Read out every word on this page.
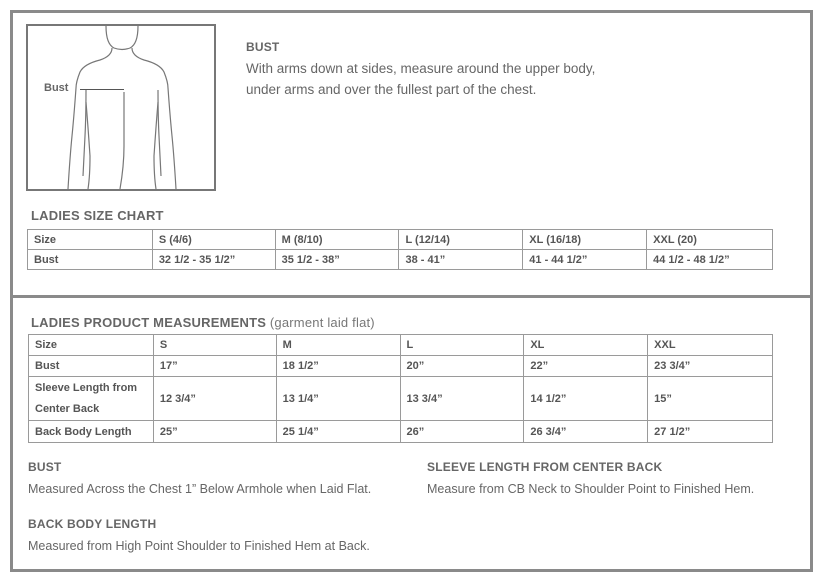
Bust
BUST
With arms down at sides, measure around the upper body,
under arms and over the fullest part of the chest.
LADIES SIZE CHART
Size	S (4/6)	M (8/10)	L (12/14)	XL (16/18)	XXL (20)
Bust	32 1/2 - 35 1/2”	35 1/2 - 38”	38 - 41”	41 - 44 1/2”	44 1/2 - 48 1/2”
LADIES PRODUCT MEASUREMENTS (garment laid flat)
Size	S	M	L	XL	XXL
Bust	17”	18 1/2”	20”	22”	23 3/4”
Sleeve Length from Center Back	12 3/4”	13 1/4”	13 3/4”	14 1/2”	15”
Back Body Length	25”	25 1/4”	26”	26 3/4”	27 1/2”
BUST
Measured Across the Chest 1” Below Armhole when Laid Flat.
SLEEVE LENGTH FROM CENTER BACK
Measure from CB Neck to Shoulder Point to Finished Hem.
BACK BODY LENGTH
Measured from High Point Shoulder to Finished Hem at Back.
